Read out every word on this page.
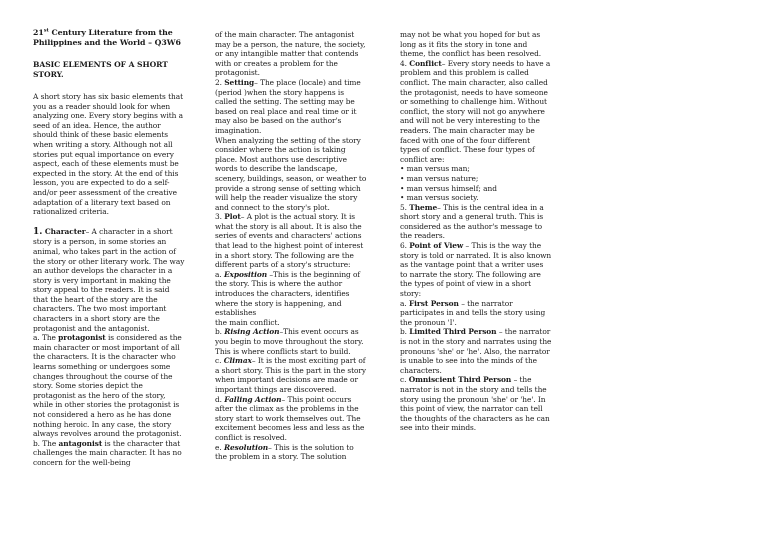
21st Century Literature from the Philippines and the World – Q3W6

BASIC ELEMENTS OF A SHORT STORY.

A short story has six basic elements that you as a reader should look for when analyzing one. Every story begins with a seed of an idea. Hence, the author should think of these basic elements when writing a story. Although not all stories put equal importance on every aspect, each of these elements must be expected in the story. At the end of this lesson, you are expected to do a self- and/or peer assessment of the creative adaptation of a literary text based on rationalized criteria.

1. Character– A character in a short story is a person, in some stories an animal, who takes part in the action of the story or other literary work. The way an author develops the character in a story is very important in making the story appeal to the readers. It is said that the heart of the story are the characters. The two most important characters in a short story are the protagonist and the antagonist.

a. The protagonist is considered as the main character or most important of all the characters. It is the character who learns something or undergoes some changes throughout the course of the story. Some stories depict the protagonist as the hero of the story, while in other stories the protagonist is not considered a hero as he has done nothing heroic. In any case, the story always revolves around the protagonist.

b. The antagonist is the character that challenges the main character. It has no concern for the well-being

of the main character. The antagonist may be a person, the nature, the society, or any intangible matter that contends with or creates a problem for the protagonist.

2. Setting– The place (locale) and time (period )when the story happens is called the setting. The setting may be based on real place and real time or it may also be based on the author's imagination.

When analyzing the setting of the story consider where the action is taking place. Most authors use descriptive words to describe the landscape, scenery, buildings, season, or weather to provide a strong sense of setting which will help the reader visualize the story and connect to the story's plot.

3. Plot– A plot is the actual story. It is what the story is all about. It is also the series of events and characters' actions that lead to the highest point of interest in a short story. The following are the different parts of a story's structure:

a. Exposition –This is the beginning of the story. This is where the author introduces the characters, identifies where the story is happening, and establishes

the main conflict.

b. Rising Action–This event occurs as you begin to move throughout the story. This is where conflicts start to build.

c. Climax– It is the most exciting part of a short story. This is the part in the story when important decisions are made or important things are discovered.

d. Falling Action– This point occurs after the climax as the problems in the story start to work themselves out. The excitement becomes less and less as the conflict is resolved.

e. Resolution– This is the solution to the problem in a story. The solution

may not be what you hoped for but as long as it fits the story in tone and theme, the conflict has been resolved.

4. Conflict– Every story needs to have a problem and this problem is called conflict. The main character, also called the protagonist, needs to have someone or something to challenge him. Without conflict, the story will not go anywhere and will not be very interesting to the readers. The main character may be faced with one of the four different types of conflict. These four types of conflict are:

• man versus man;

• man versus nature;

• man versus himself; and

• man versus society.

5. Theme– This is the central idea in a short story and a general truth. This is considered as the author's message to the readers.

6. Point of View – This is the way the story is told or narrated. It is also known as the vantage point that a writer uses to narrate the story. The following are the types of point of view in a short story:

a. First Person – the narrator participates in and tells the story using the pronoun 'I'.

b. Limited Third Person – the narrator is not in the story and narrates using the pronouns 'she' or 'he'. Also, the narrator is unable to see into the minds of the characters.

c. Omniscient Third Person – the narrator is not in the story and tells the story using the pronoun 'she' or 'he'. In this point of view, the narrator can tell the thoughts of the characters as he can see into their minds.
